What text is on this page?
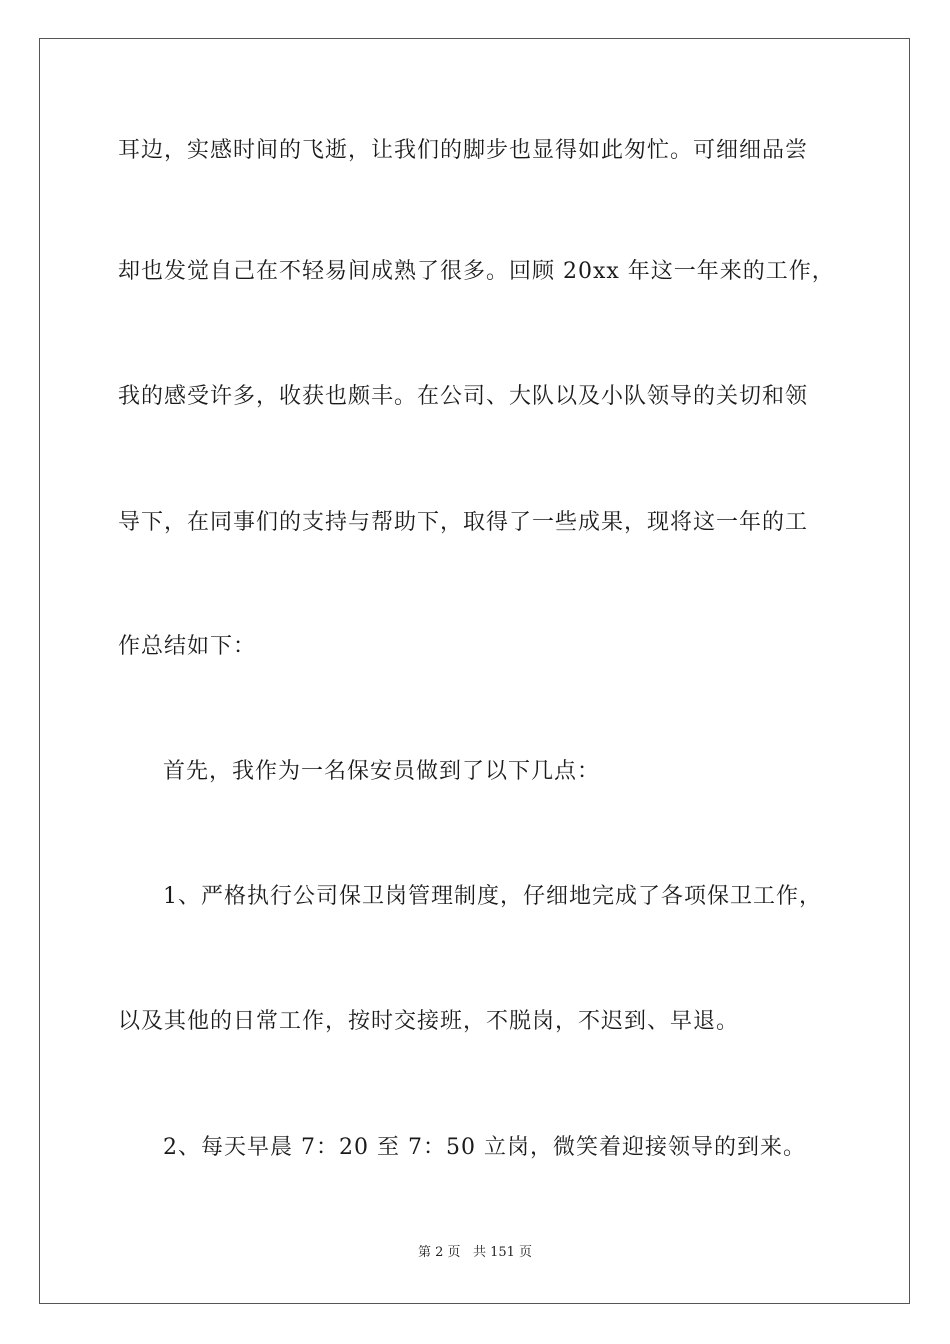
耳边，实感时间的飞逝，让我们的脚步也显得如此匆忙。可细细品尝
却也发觉自己在不轻易间成熟了很多。回顾 20xx 年这一年来的工作，
我的感受许多，收获也颇丰。在公司、大队以及小队领导的关切和领
导下，在同事们的支持与帮助下，取得了一些成果，现将这一年的工
作总结如下：
首先，我作为一名保安员做到了以下几点：
1、严格执行公司保卫岗管理制度，仔细地完成了各项保卫工作，
以及其他的日常工作，按时交接班，不脱岗，不迟到、早退。
2、每天早晨 7：20 至 7：50 立岗，微笑着迎接领导的到来。
第 2 页 共 151 页
